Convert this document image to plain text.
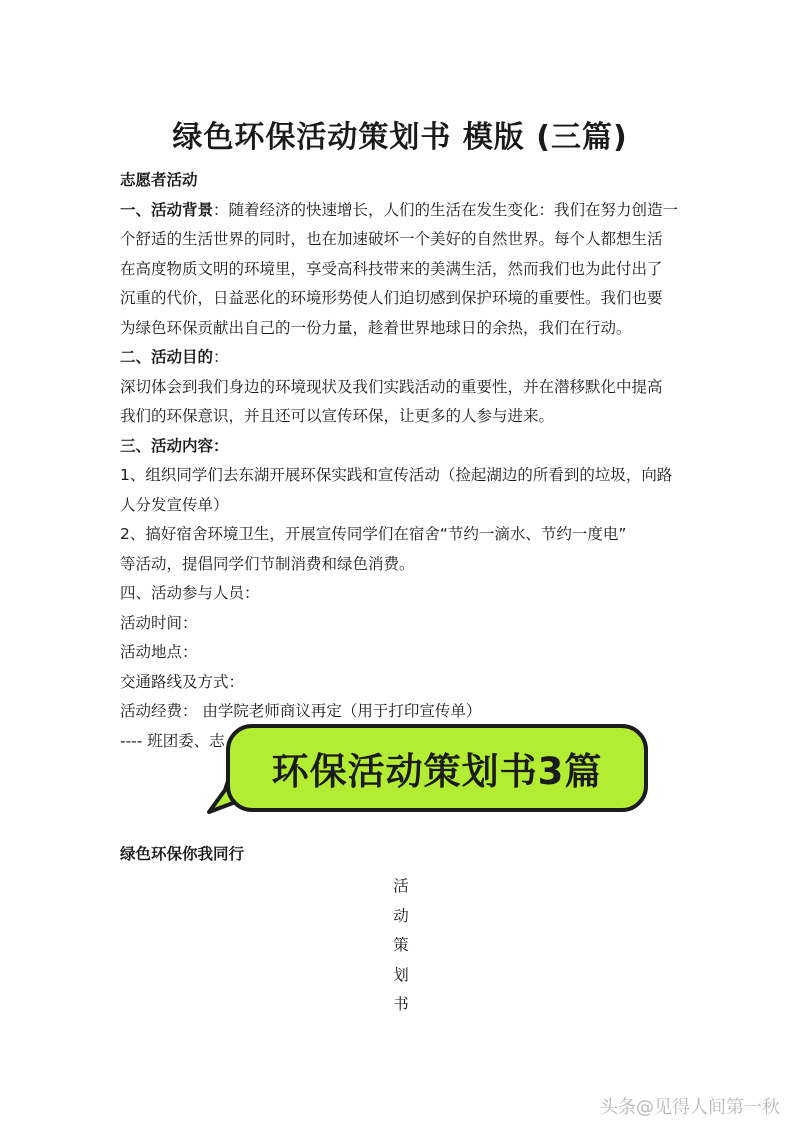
绿色环保活动策划书 模版 (三篇)

志愿者活动

一、活动背景：随着经济的快速增长，人们的生活在发生变化：我们在努力创造一

个舒适的生活世界的同时，也在加速破坏一个美好的自然世界。每个人都想生活

在高度物质文明的环境里，享受高科技带来的美满生活，然而我们也为此付出了

沉重的代价，日益恶化的环境形势使人们迫切感到保护环境的重要性。我们也要

为绿色环保贡献出自己的一份力量，趁着世界地球日的余热，我们在行动。

二、活动目的：

深切体会到我们身边的环境现状及我们实践活动的重要性，并在潜移默化中提高

我们的环保意识，并且还可以宣传环保，让更多的人参与进来。

三、活动内容：

1、组织同学们去东湖开展环保实践和宣传活动（捡起湖边的所看到的垃圾，向路

人分发宣传单）

2、搞好宿舍环境卫生，开展宣传同学们在宿舍“节约一滴水、节约一度电”

等活动，提倡同学们节制消费和绿色消费。

四、活动参与人员：

活动时间：

活动地点：

交通路线及方式：

活动经费： 由学院老师商议再定（用于打印宣传单）

---- 班团委、志

环保活动策划书3篇

绿色环保你我同行

活
动
策
划
书
头条@见得人间第一秋
